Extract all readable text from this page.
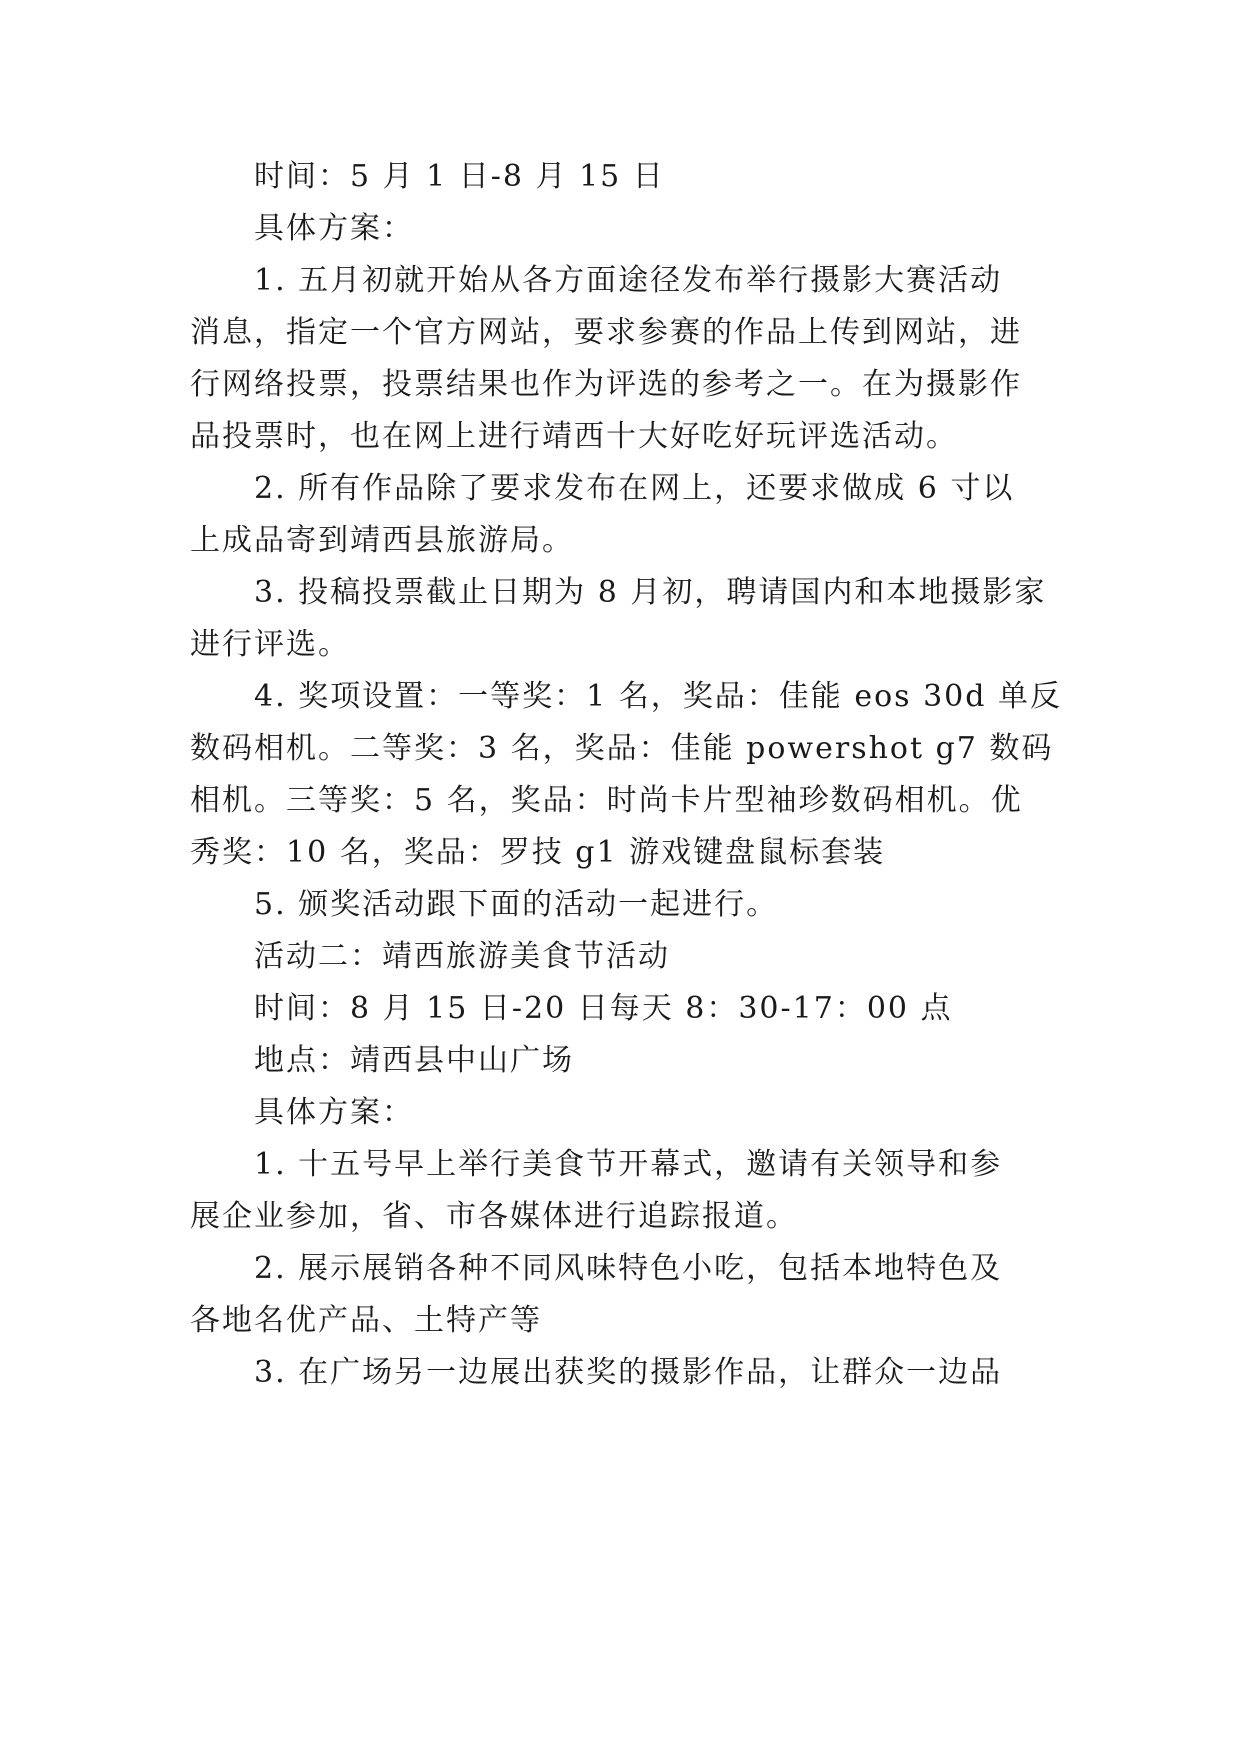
时间：5 月 1 日-8 月 15 日
具体方案：
1. 五月初就开始从各方面途径发布举行摄影大赛活动
消息，指定一个官方网站，要求参赛的作品上传到网站，进
行网络投票，投票结果也作为评选的参考之一。在为摄影作
品投票时，也在网上进行靖西十大好吃好玩评选活动。
2. 所有作品除了要求发布在网上，还要求做成 6 寸以
上成品寄到靖西县旅游局。
3. 投稿投票截止日期为 8 月初，聘请国内和本地摄影家
进行评选。
4. 奖项设置：一等奖：1 名，奖品：佳能 eos 30d 单反
数码相机。二等奖：3 名，奖品：佳能 powershot g7 数码
相机。三等奖：5 名，奖品：时尚卡片型袖珍数码相机。优
秀奖：10 名，奖品：罗技 g1 游戏键盘鼠标套装
5. 颁奖活动跟下面的活动一起进行。
活动二：靖西旅游美食节活动
时间：8 月 15 日-20 日每天 8：30-17：00 点
地点：靖西县中山广场
具体方案：
1. 十五号早上举行美食节开幕式，邀请有关领导和参
展企业参加，省、市各媒体进行追踪报道。
2. 展示展销各种不同风味特色小吃，包括本地特色及
各地名优产品、土特产等
3. 在广场另一边展出获奖的摄影作品，让群众一边品
